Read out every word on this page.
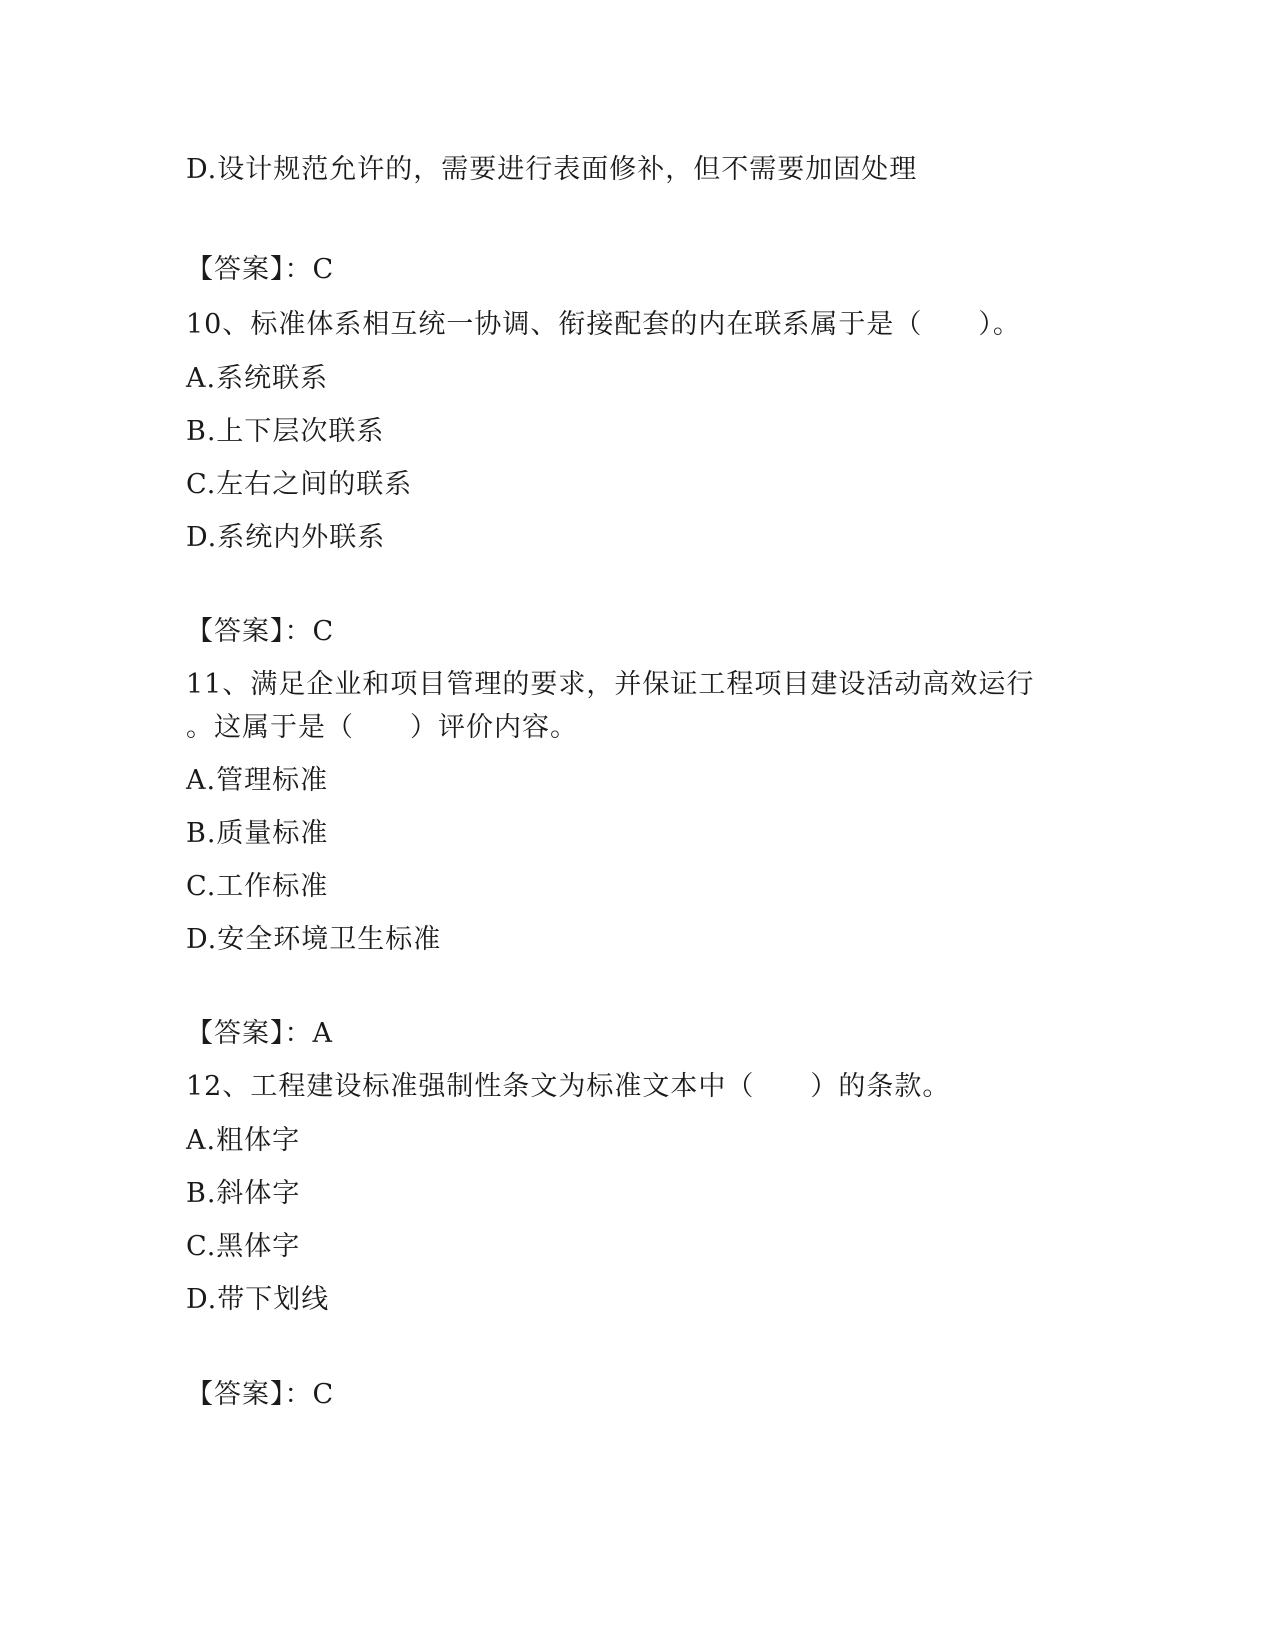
D.设计规范允许的，需要进行表面修补，但不需要加固处理
【答案】：C
10、标准体系相互统一协调、衔接配套的内在联系属于是（　　）。
A.系统联系
B.上下层次联系
C.左右之间的联系
D.系统内外联系
【答案】：C
11、满足企业和项目管理的要求，并保证工程项目建设活动高效运行
。这属于是（　　）评价内容。
A.管理标准
B.质量标准
C.工作标准
D.安全环境卫生标准
【答案】：A
12、工程建设标准强制性条文为标准文本中（　　）的条款。
A.粗体字
B.斜体字
C.黑体字
D.带下划线
【答案】：C
